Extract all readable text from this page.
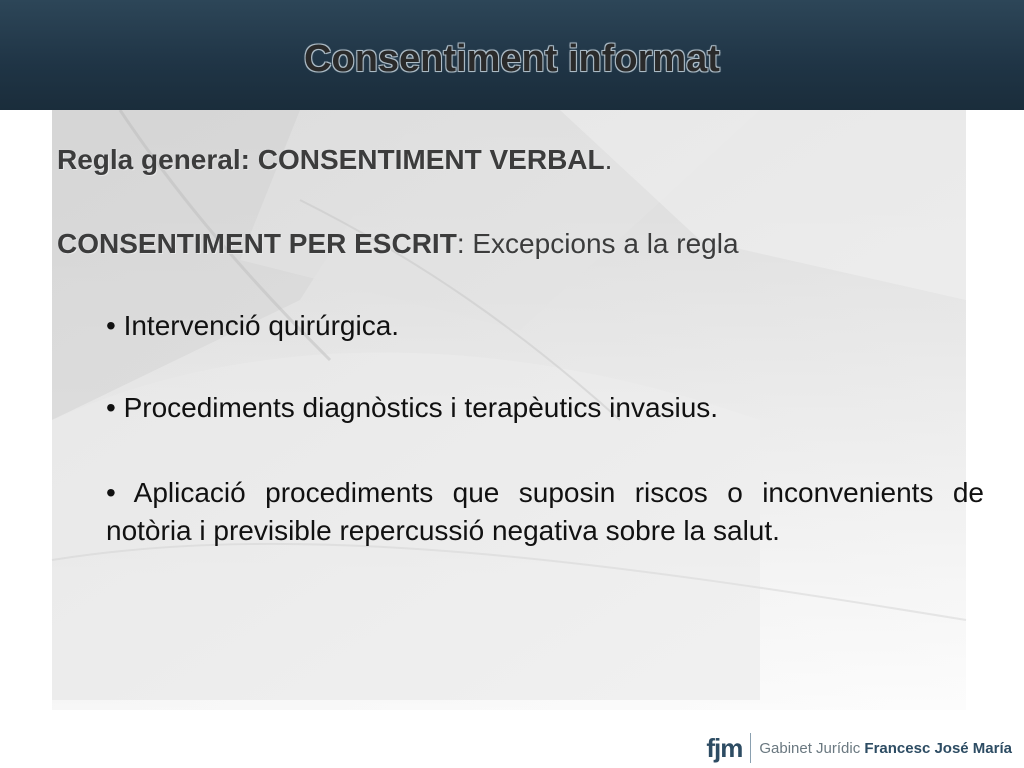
Consentiment informat
Regla general: CONSENTIMENT VERBAL.
CONSENTIMENT PER ESCRIT: Excepcions a la regla
• Intervenció quirúrgica.
• Procediments diagnòstics i terapèutics invasius.
• Aplicació procediments que suposin riscos o inconvenients de notòria i previsible repercussió negativa sobre la salut.
fjm Gabinet Jurídic Francesc José María
